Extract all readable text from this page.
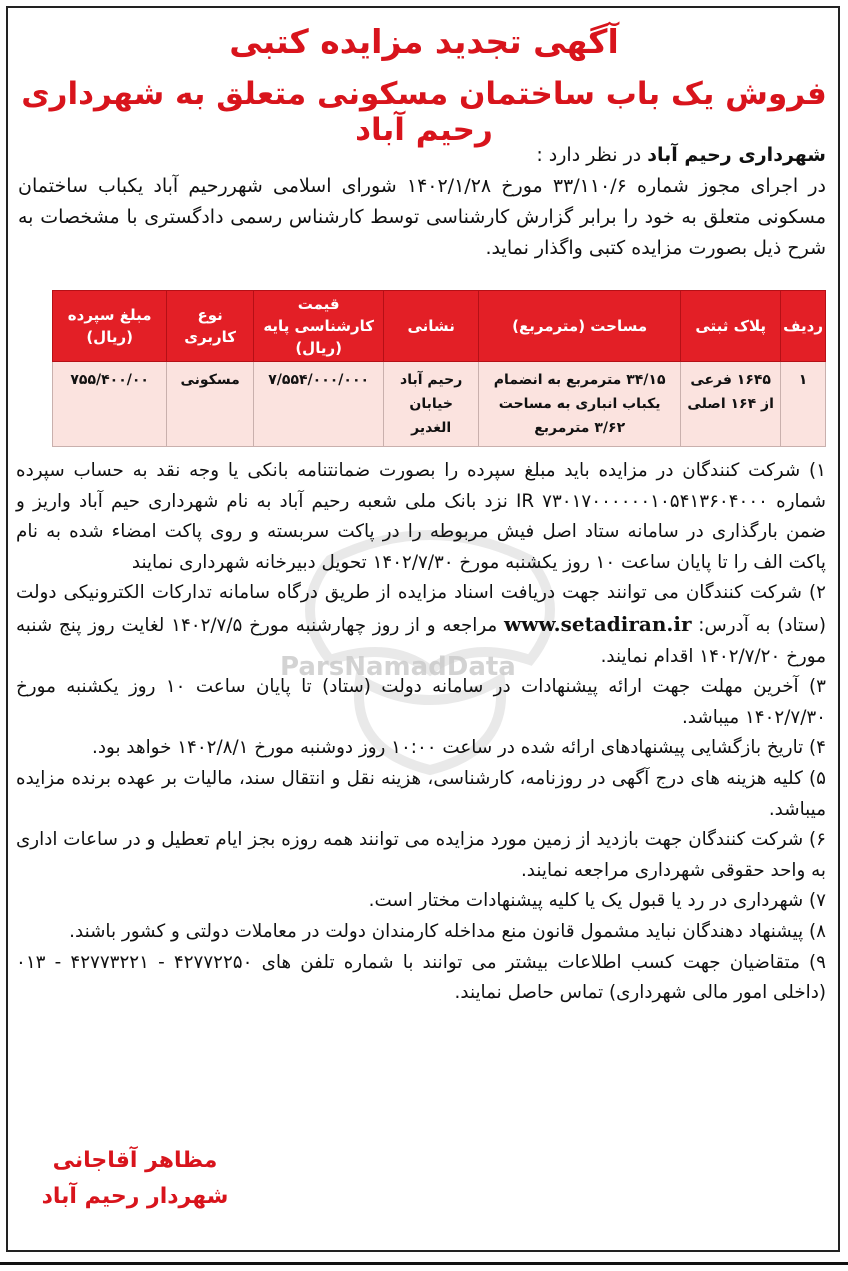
ParsNamadData
آگهی تجدید مزایده کتبی
فروش یک باب ساختمان مسکونی متعلق به شهرداری رحیم آباد
شهرداری رحیم آباد در نظر دارد :
در اجرای مجوز شماره ۳۳/۱۱۰/۶ مورخ ۱۴۰۲/۱/۲۸ شورای اسلامی شهررحیم آباد یکباب ساختمان مسکونی متعلق به خود را برابر گزارش کارشناسی توسط کارشناس رسمی دادگستری با مشخصات به شرح ذیل بصورت مزایده کتبی واگذار نماید.
ردیف	پلاک ثبتی	مساحت (مترمربع)	نشانی	قیمت کارشناسی پایه (ریال)	نوع کاربری	مبلغ سپرده (ریال)
۱	۱۶۴۵ فرعی از ۱۶۴ اصلی	۳۴/۱۵ مترمربع به انضمام یکباب انباری به مساحت ۳/۶۲ مترمربع	رحیم آباد خیابان الغدیر	۷/۵۵۴/۰۰۰/۰۰۰	مسکونی	۷۵۵/۴۰۰/۰۰

۱) شرکت کنندگان در مزایده باید مبلغ سپرده را بصورت ضمانتنامه بانکی یا وجه نقد به حساب سپرده شماره IR ۷۳۰۱۷۰۰۰۰۰۰۱۰۵۴۱۳۶۰۴۰۰۰ نزد بانک ملی شعبه رحیم آباد به نام شهرداری حیم آباد واریز و ضمن بارگذاری در سامانه ستاد اصل فیش مربوطه را در پاکت سربسته و روی پاکت امضاء شده به نام پاکت الف را تا پایان ساعت ۱۰ روز یکشنبه مورخ ۱۴۰۲/۷/۳۰ تحویل دبیرخانه شهرداری نمایند

۲) شرکت کنندگان می توانند جهت دریافت اسناد مزایده از طریق درگاه سامانه تدارکات الکترونیکی دولت (ستاد) به آدرس: www.setadiran.ir مراجعه و از روز چهارشنبه مورخ ۱۴۰۲/۷/۵ لغایت روز پنج شنبه مورخ ۱۴۰۲/۷/۲۰ اقدام نمایند.

۳) آخرین مهلت جهت ارائه پیشنهادات در سامانه دولت (ستاد) تا پایان ساعت ۱۰ روز یکشنبه مورخ ۱۴۰۲/۷/۳۰ میباشد.

۴) تاریخ بازگشایی پیشنهادهای ارائه شده در ساعت ۱۰:۰۰ روز دوشنبه مورخ ۱۴۰۲/۸/۱ خواهد بود.

۵) کلیه هزینه های درج آگهی در روزنامه، کارشناسی، هزینه نقل و انتقال سند، مالیات بر عهده برنده مزایده میباشد.

۶) شرکت کنندگان جهت بازدید از زمین مورد مزایده می توانند همه روزه بجز ایام تعطیل و در ساعات اداری به واحد حقوقی شهرداری مراجعه نمایند.

۷) شهرداری در رد یا قبول یک یا کلیه پیشنهادات مختار است.

۸) پیشنهاد دهندگان نباید مشمول قانون منع مداخله کارمندان دولت در معاملات دولتی و کشور باشند.

۹) متقاضیان جهت کسب اطلاعات بیشتر می توانند با شماره تلفن های ۴۲۷۷۲۲۵۰ - ۴۲۷۷۳۲۲۱ - ۰۱۳ (داخلی امور مالی شهرداری) تماس حاصل نمایند.

مظاهر آقاجانی
شهردار رحیم آباد
